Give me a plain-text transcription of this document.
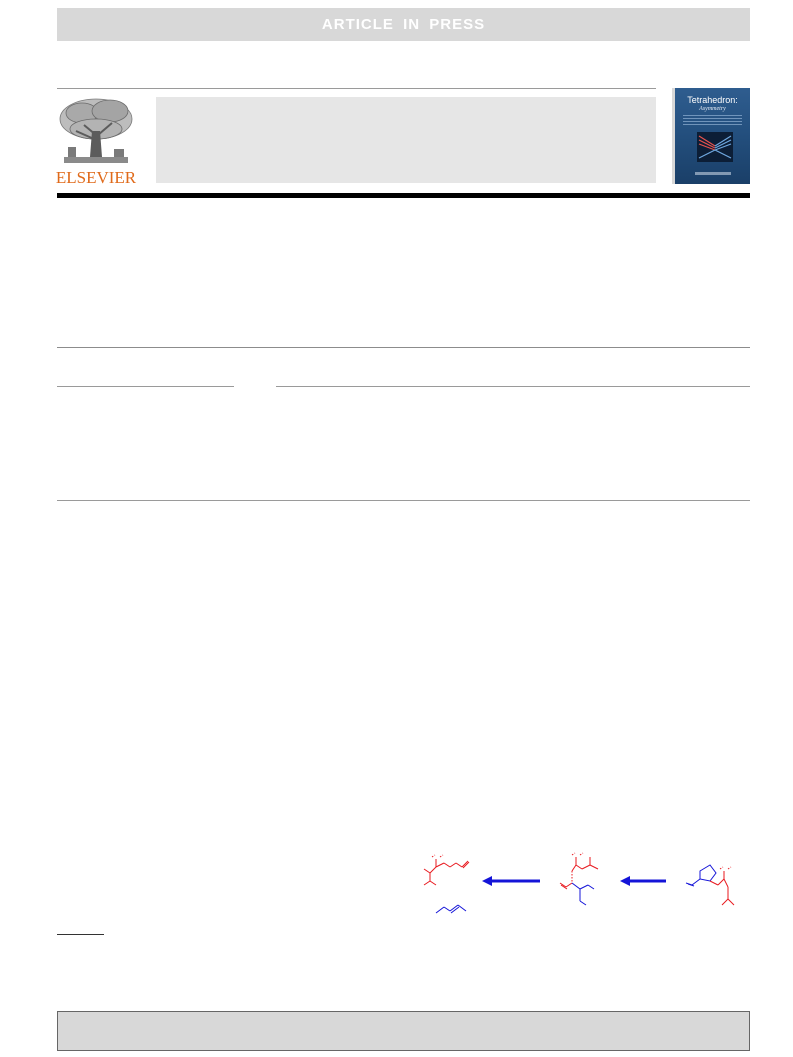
ARTICLE IN PRESS
ELSEVIER
Tetrahedron:
Asymmetry
